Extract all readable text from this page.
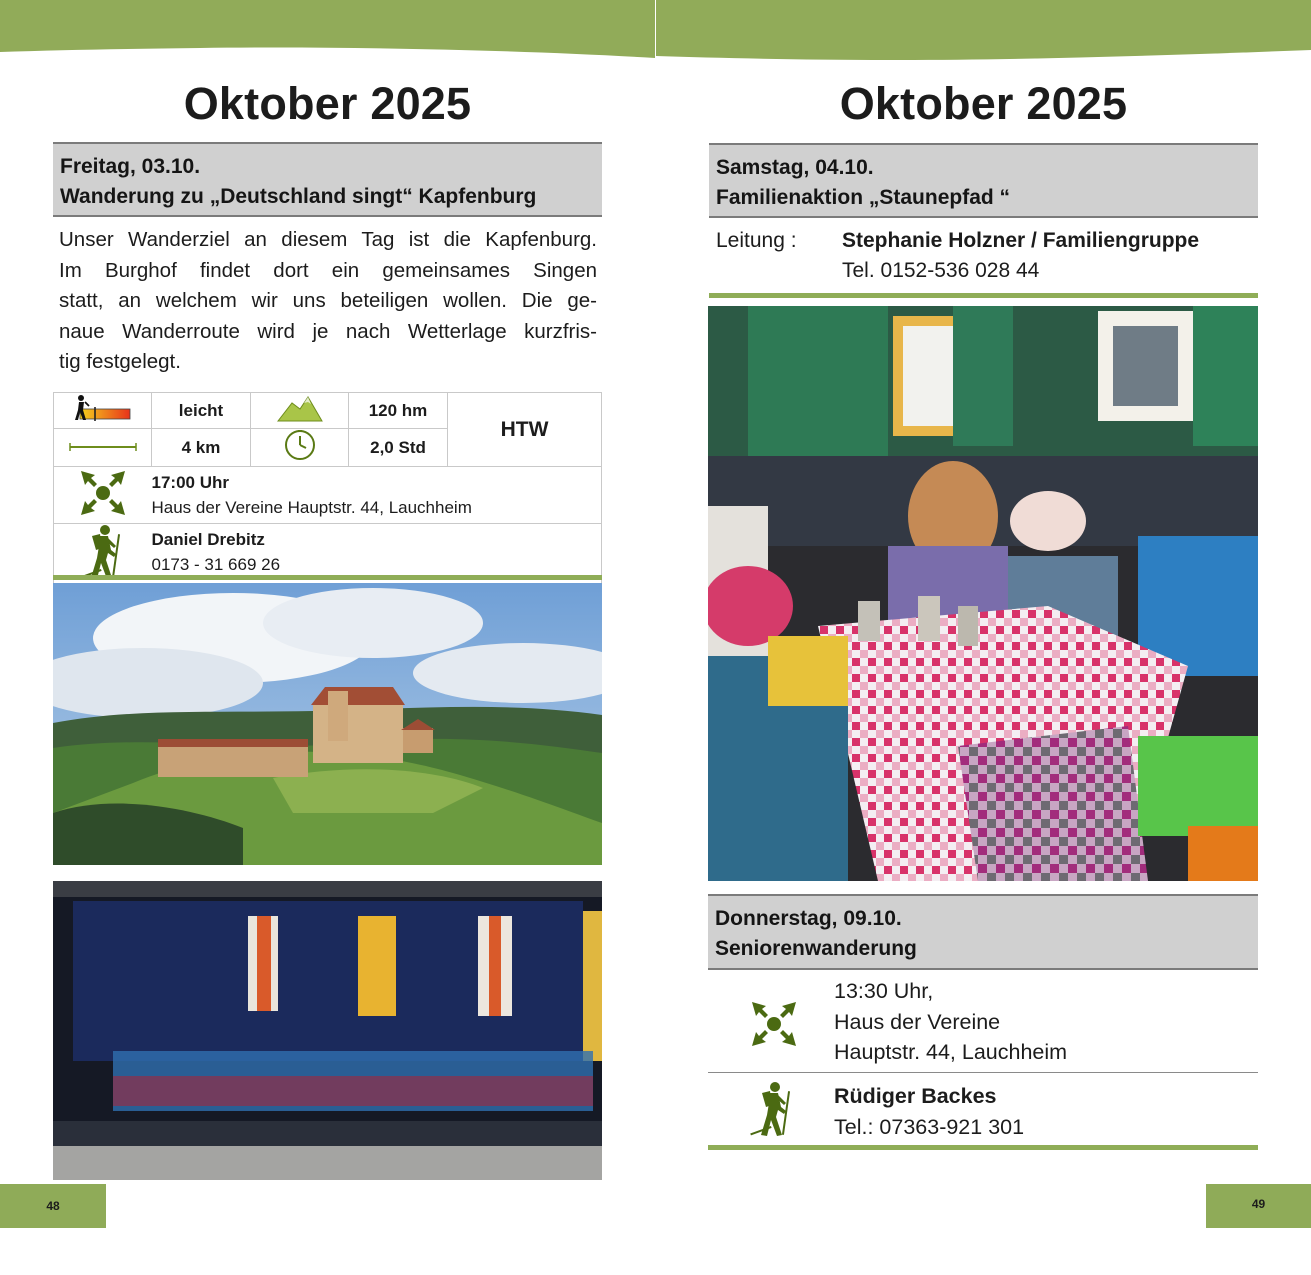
Oktober 2025
Freitag, 03.10.
Wanderung zu „Deutschland singt“ Kapfenburg
Unser Wanderziel an diesem Tag ist die Kapfenburg.
Im Burghof findet dort ein gemeinsames Singen
statt, an welchem wir uns beteiligen wollen. Die ge-
naue Wanderroute wird je nach Wetterlage kurzfris-
tig festgelegt.
	leicht		120 hm	HTW
	4 km		2,0 Std	

17:00 Uhr
Haus der Vereine Hauptstr. 44, Lauchheim			

Daniel Drebitz
0173 - 31 669 26			
48
Oktober 2025
Samstag, 04.10.
Familienaktion „Staunepfad “
Leitung : Stephanie Holzner / Familiengruppe
Tel. 0152-536 028 44
Donnerstag, 09.10.
Seniorenwanderung
13:30 Uhr,
Haus der Vereine
Hauptstr. 44, Lauchheim
Rüdiger Backes
Tel.: 07363-921 301
49
